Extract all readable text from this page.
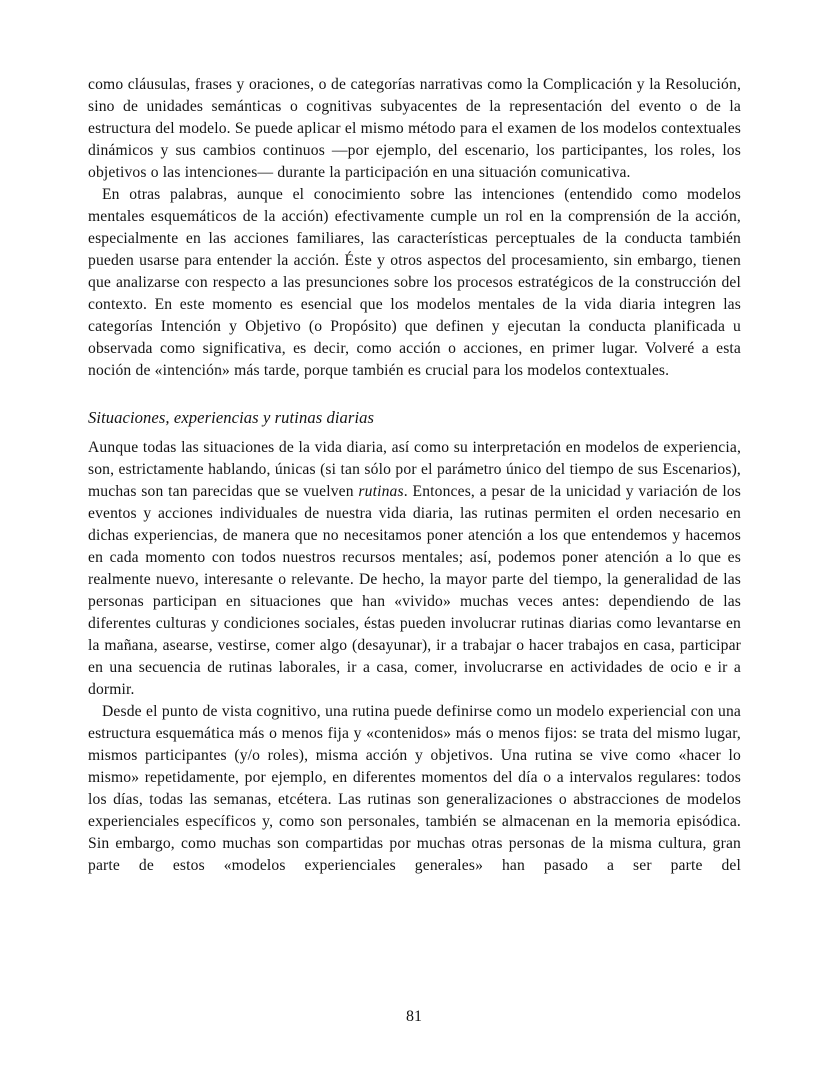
como cláusulas, frases y oraciones, o de categorías narrativas como la Complicación y la Resolución, sino de unidades semánticas o cognitivas subyacentes de la representación del evento o de la estructura del modelo. Se puede aplicar el mismo método para el examen de los modelos contextuales dinámicos y sus cambios continuos —por ejemplo, del escenario, los participantes, los roles, los objetivos o las intenciones— durante la participación en una situación comunicativa.

En otras palabras, aunque el conocimiento sobre las intenciones (entendido como modelos mentales esquemáticos de la acción) efectivamente cumple un rol en la comprensión de la acción, especialmente en las acciones familiares, las características perceptuales de la conducta también pueden usarse para entender la acción. Éste y otros aspectos del procesamiento, sin embargo, tienen que analizarse con respecto a las presunciones sobre los procesos estratégicos de la construcción del contexto. En este momento es esencial que los modelos mentales de la vida diaria integren las categorías Intención y Objetivo (o Propósito) que definen y ejecutan la conducta planificada u observada como significativa, es decir, como acción o acciones, en primer lugar. Volveré a esta noción de «intención» más tarde, porque también es crucial para los modelos contextuales.

Situaciones, experiencias y rutinas diarias

Aunque todas las situaciones de la vida diaria, así como su interpretación en modelos de experiencia, son, estrictamente hablando, únicas (si tan sólo por el parámetro único del tiempo de sus Escenarios), muchas son tan parecidas que se vuelven rutinas. Entonces, a pesar de la unicidad y variación de los eventos y acciones individuales de nuestra vida diaria, las rutinas permiten el orden necesario en dichas experiencias, de manera que no necesitamos poner atención a los que entendemos y hacemos en cada momento con todos nuestros recursos mentales; así, podemos poner atención a lo que es realmente nuevo, interesante o relevante. De hecho, la mayor parte del tiempo, la generalidad de las personas participan en situaciones que han «vivido» muchas veces antes: dependiendo de las diferentes culturas y condiciones sociales, éstas pueden involucrar rutinas diarias como levantarse en la mañana, asearse, vestirse, comer algo (desayunar), ir a trabajar o hacer trabajos en casa, participar en una secuencia de rutinas laborales, ir a casa, comer, involucrarse en actividades de ocio e ir a dormir.

Desde el punto de vista cognitivo, una rutina puede definirse como un modelo experiencial con una estructura esquemática más o menos fija y «contenidos» más o menos fijos: se trata del mismo lugar, mismos participantes (y/o roles), misma acción y objetivos. Una rutina se vive como «hacer lo mismo» repetidamente, por ejemplo, en diferentes momentos del día o a intervalos regulares: todos los días, todas las semanas, etcétera. Las rutinas son generalizaciones o abstracciones de modelos experienciales específicos y, como son personales, también se almacenan en la memoria episódica. Sin embargo, como muchas son compartidas por muchas otras personas de la misma cultura, gran parte de estos «modelos experienciales generales» han pasado a ser parte del

81
